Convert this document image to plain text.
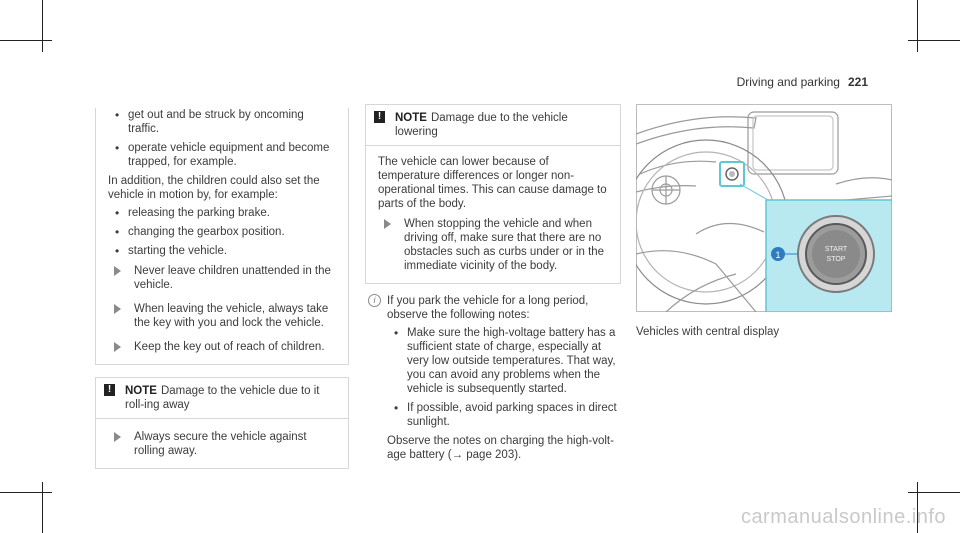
Driving and parking 221
• get out and be struck by oncoming traffic.
• operate vehicle equipment and become trapped, for example.
In addition, the children could also set the vehicle in motion by, for example:
• releasing the parking brake.
• changing the gearbox position.
• starting the vehicle.
Never leave children unattended in the vehicle.
When leaving the vehicle, always take the key with you and lock the vehicle.
Keep the key out of reach of children.
!	NOTE Damage to the vehicle due to it roll-ing away
Always secure the vehicle against rolling away.
!	NOTE Damage due to the vehicle lowering
The vehicle can lower because of temperature differences or longer non-operational times. This can cause damage to parts of the body.
When stopping the vehicle and when driving off, make sure that there are no obstacles such as curbs under or in the immediate vicinity of the body.
i	If you park the vehicle for a long period, observe the following notes:
• Make sure the high-voltage battery has a sufficient state of charge, especially at very low outside temperatures. That way, you can avoid any problems when the vehicle is subsequently started.
• If possible, avoid parking spaces in direct sunlight.
Observe the notes on charging the high-volt-age battery (→ page 203).
START
STOP
1
Vehicles with central display
carmanualsonline.info
